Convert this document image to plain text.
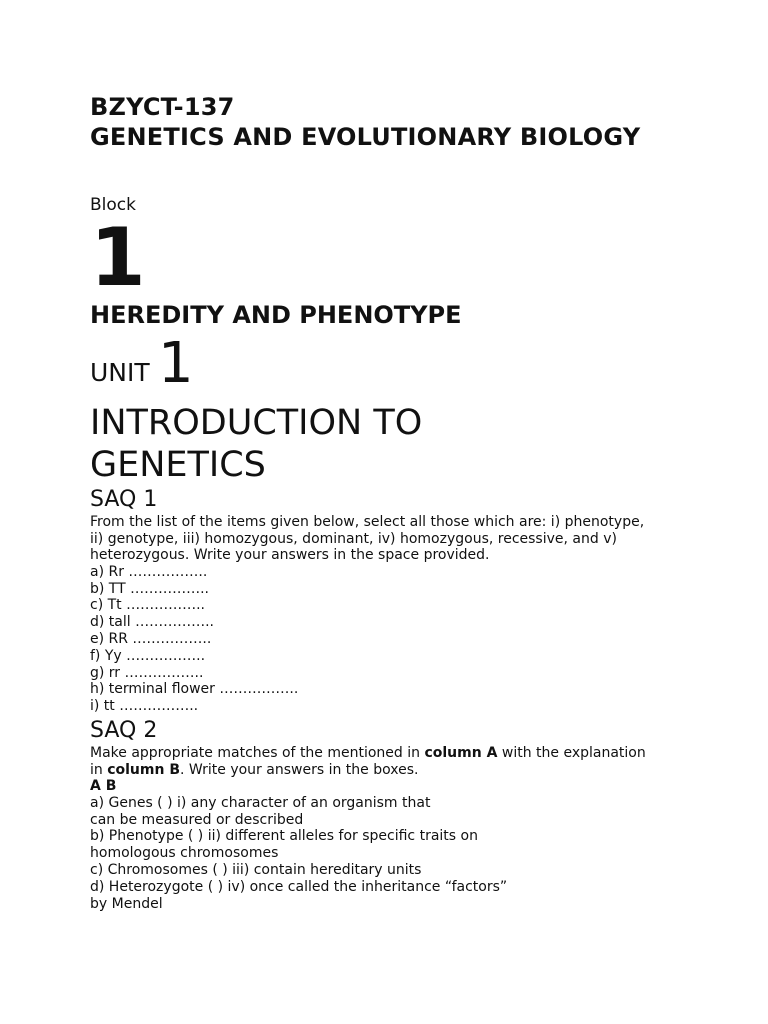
BZYCT-137
GENETICS AND EVOLUTIONARY BIOLOGY
Block
1
HEREDITY AND PHENOTYPE
UNIT 1
INTRODUCTION TO GENETICS
SAQ 1
From the list of the items given below, select all those which are: i) phenotype,
ii) genotype, iii) homozygous, dominant, iv) homozygous, recessive, and v)
heterozygous. Write your answers in the space provided.
a) Rr ……………..
b) TT ……………..
c) Tt ……………..
d) tall ……………..
e) RR ……………..
f) Yy ……………..
g) rr ……………..
h) terminal flower ……………..
i) tt ……………..
SAQ 2
Make appropriate matches of the mentioned in column A with the explanation
in column B. Write your answers in the boxes.
A B
a) Genes ( ) i) any character of an organism that
can be measured or described
b) Phenotype ( ) ii) different alleles for specific traits on
homologous chromosomes
c) Chromosomes ( ) iii) contain hereditary units
d) Heterozygote ( ) iv) once called the inheritance “factors”
by Mendel
